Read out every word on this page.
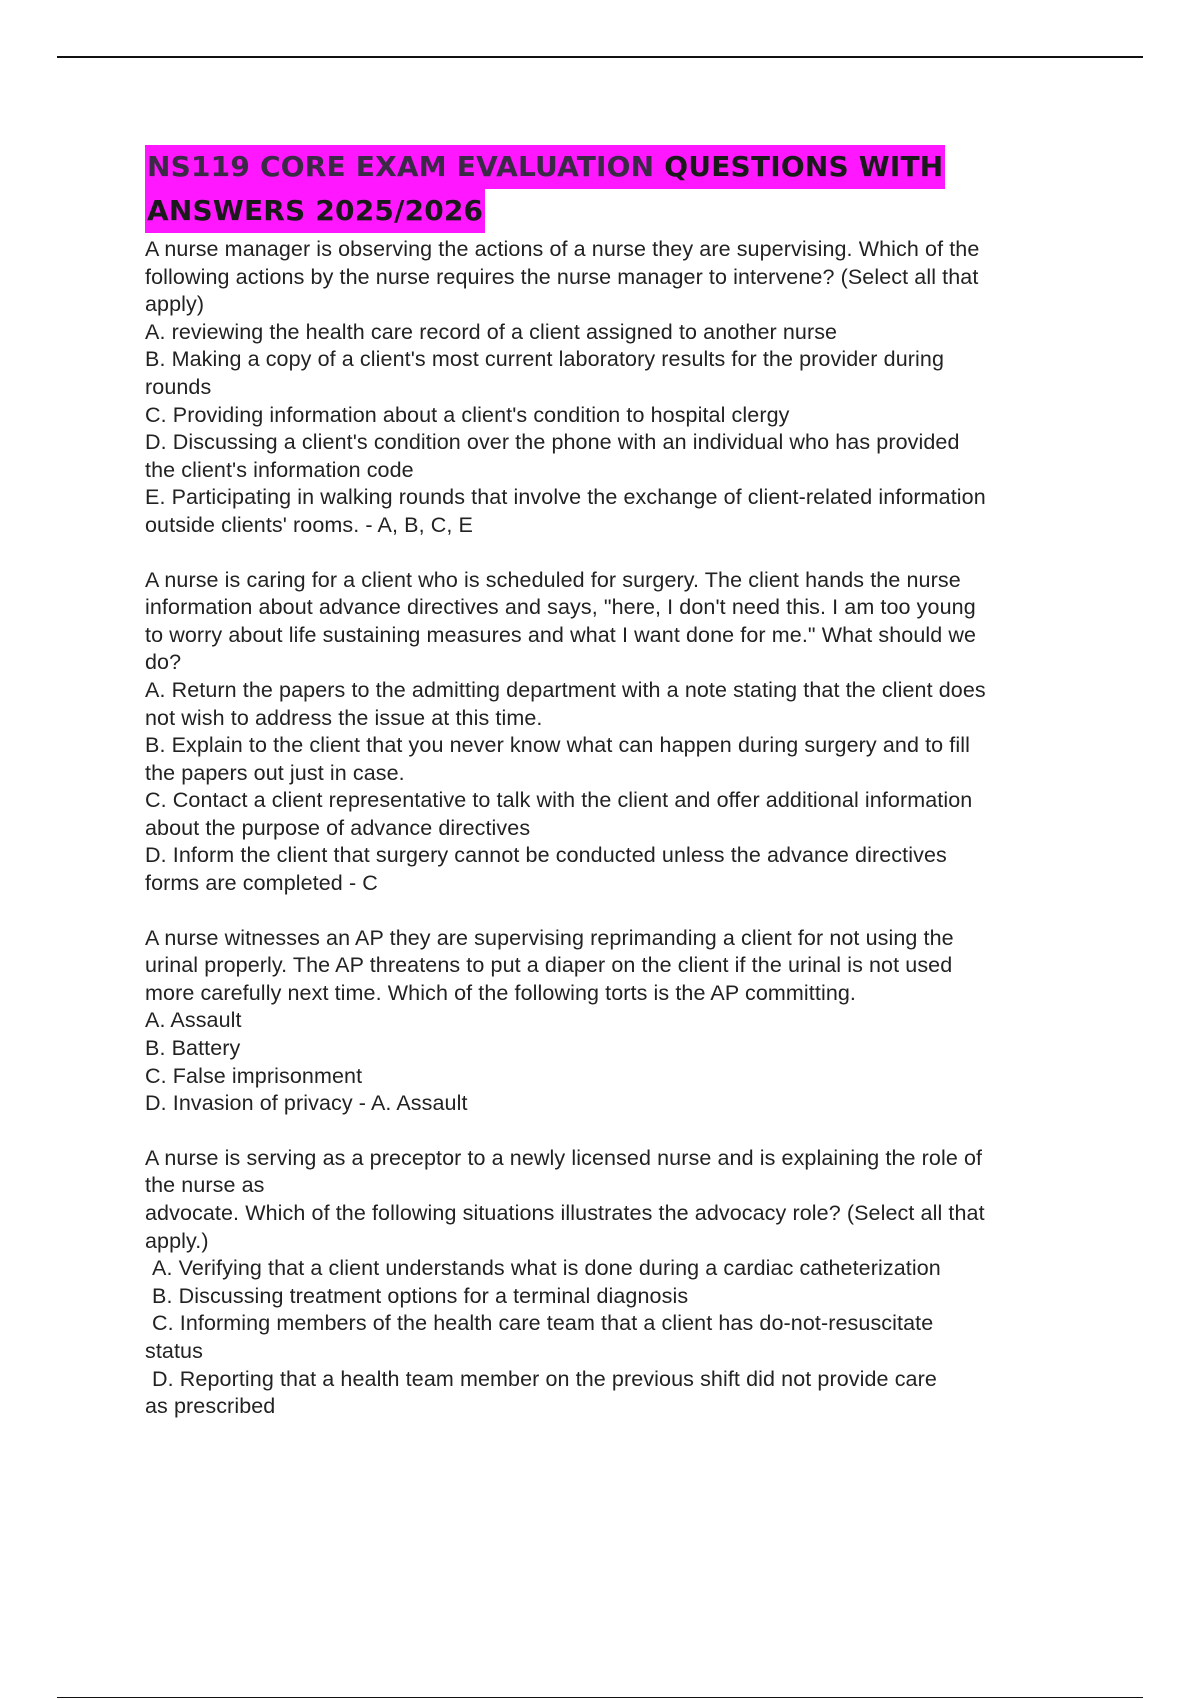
NS119 CORE EXAM EVALUATION QUESTIONS WITH
ANSWERS 2025/2026
A nurse manager is observing the actions of a nurse they are supervising. Which of the
following actions by the nurse requires the nurse manager to intervene? (Select all that
apply)
A. reviewing the health care record of a client assigned to another nurse
B. Making a copy of a client's most current laboratory results for the provider during
rounds
C. Providing information about a client's condition to hospital clergy
D. Discussing a client's condition over the phone with an individual who has provided
the client's information code
E. Participating in walking rounds that involve the exchange of client-related information
outside clients' rooms. - A, B, C, E
A nurse is caring for a client who is scheduled for surgery. The client hands the nurse
information about advance directives and says, "here, I don't need this. I am too young
to worry about life sustaining measures and what I want done for me." What should we
do?
A. Return the papers to the admitting department with a note stating that the client does
not wish to address the issue at this time.
B. Explain to the client that you never know what can happen during surgery and to fill
the papers out just in case.
C. Contact a client representative to talk with the client and offer additional information
about the purpose of advance directives
D. Inform the client that surgery cannot be conducted unless the advance directives
forms are completed - C
A nurse witnesses an AP they are supervising reprimanding a client for not using the
urinal properly. The AP threatens to put a diaper on the client if the urinal is not used
more carefully next time. Which of the following torts is the AP committing.
A. Assault
B. Battery
C. False imprisonment
D. Invasion of privacy - A. Assault
A nurse is serving as a preceptor to a newly licensed nurse and is explaining the role of
the nurse as
advocate. Which of the following situations illustrates the advocacy role? (Select all that
apply.)
A. Verifying that a client understands what is done during a cardiac catheterization
B. Discussing treatment options for a terminal diagnosis
C. Informing members of the health care team that a client has do-not-resuscitate
status
D. Reporting that a health team member on the previous shift did not provide care
as prescribed
